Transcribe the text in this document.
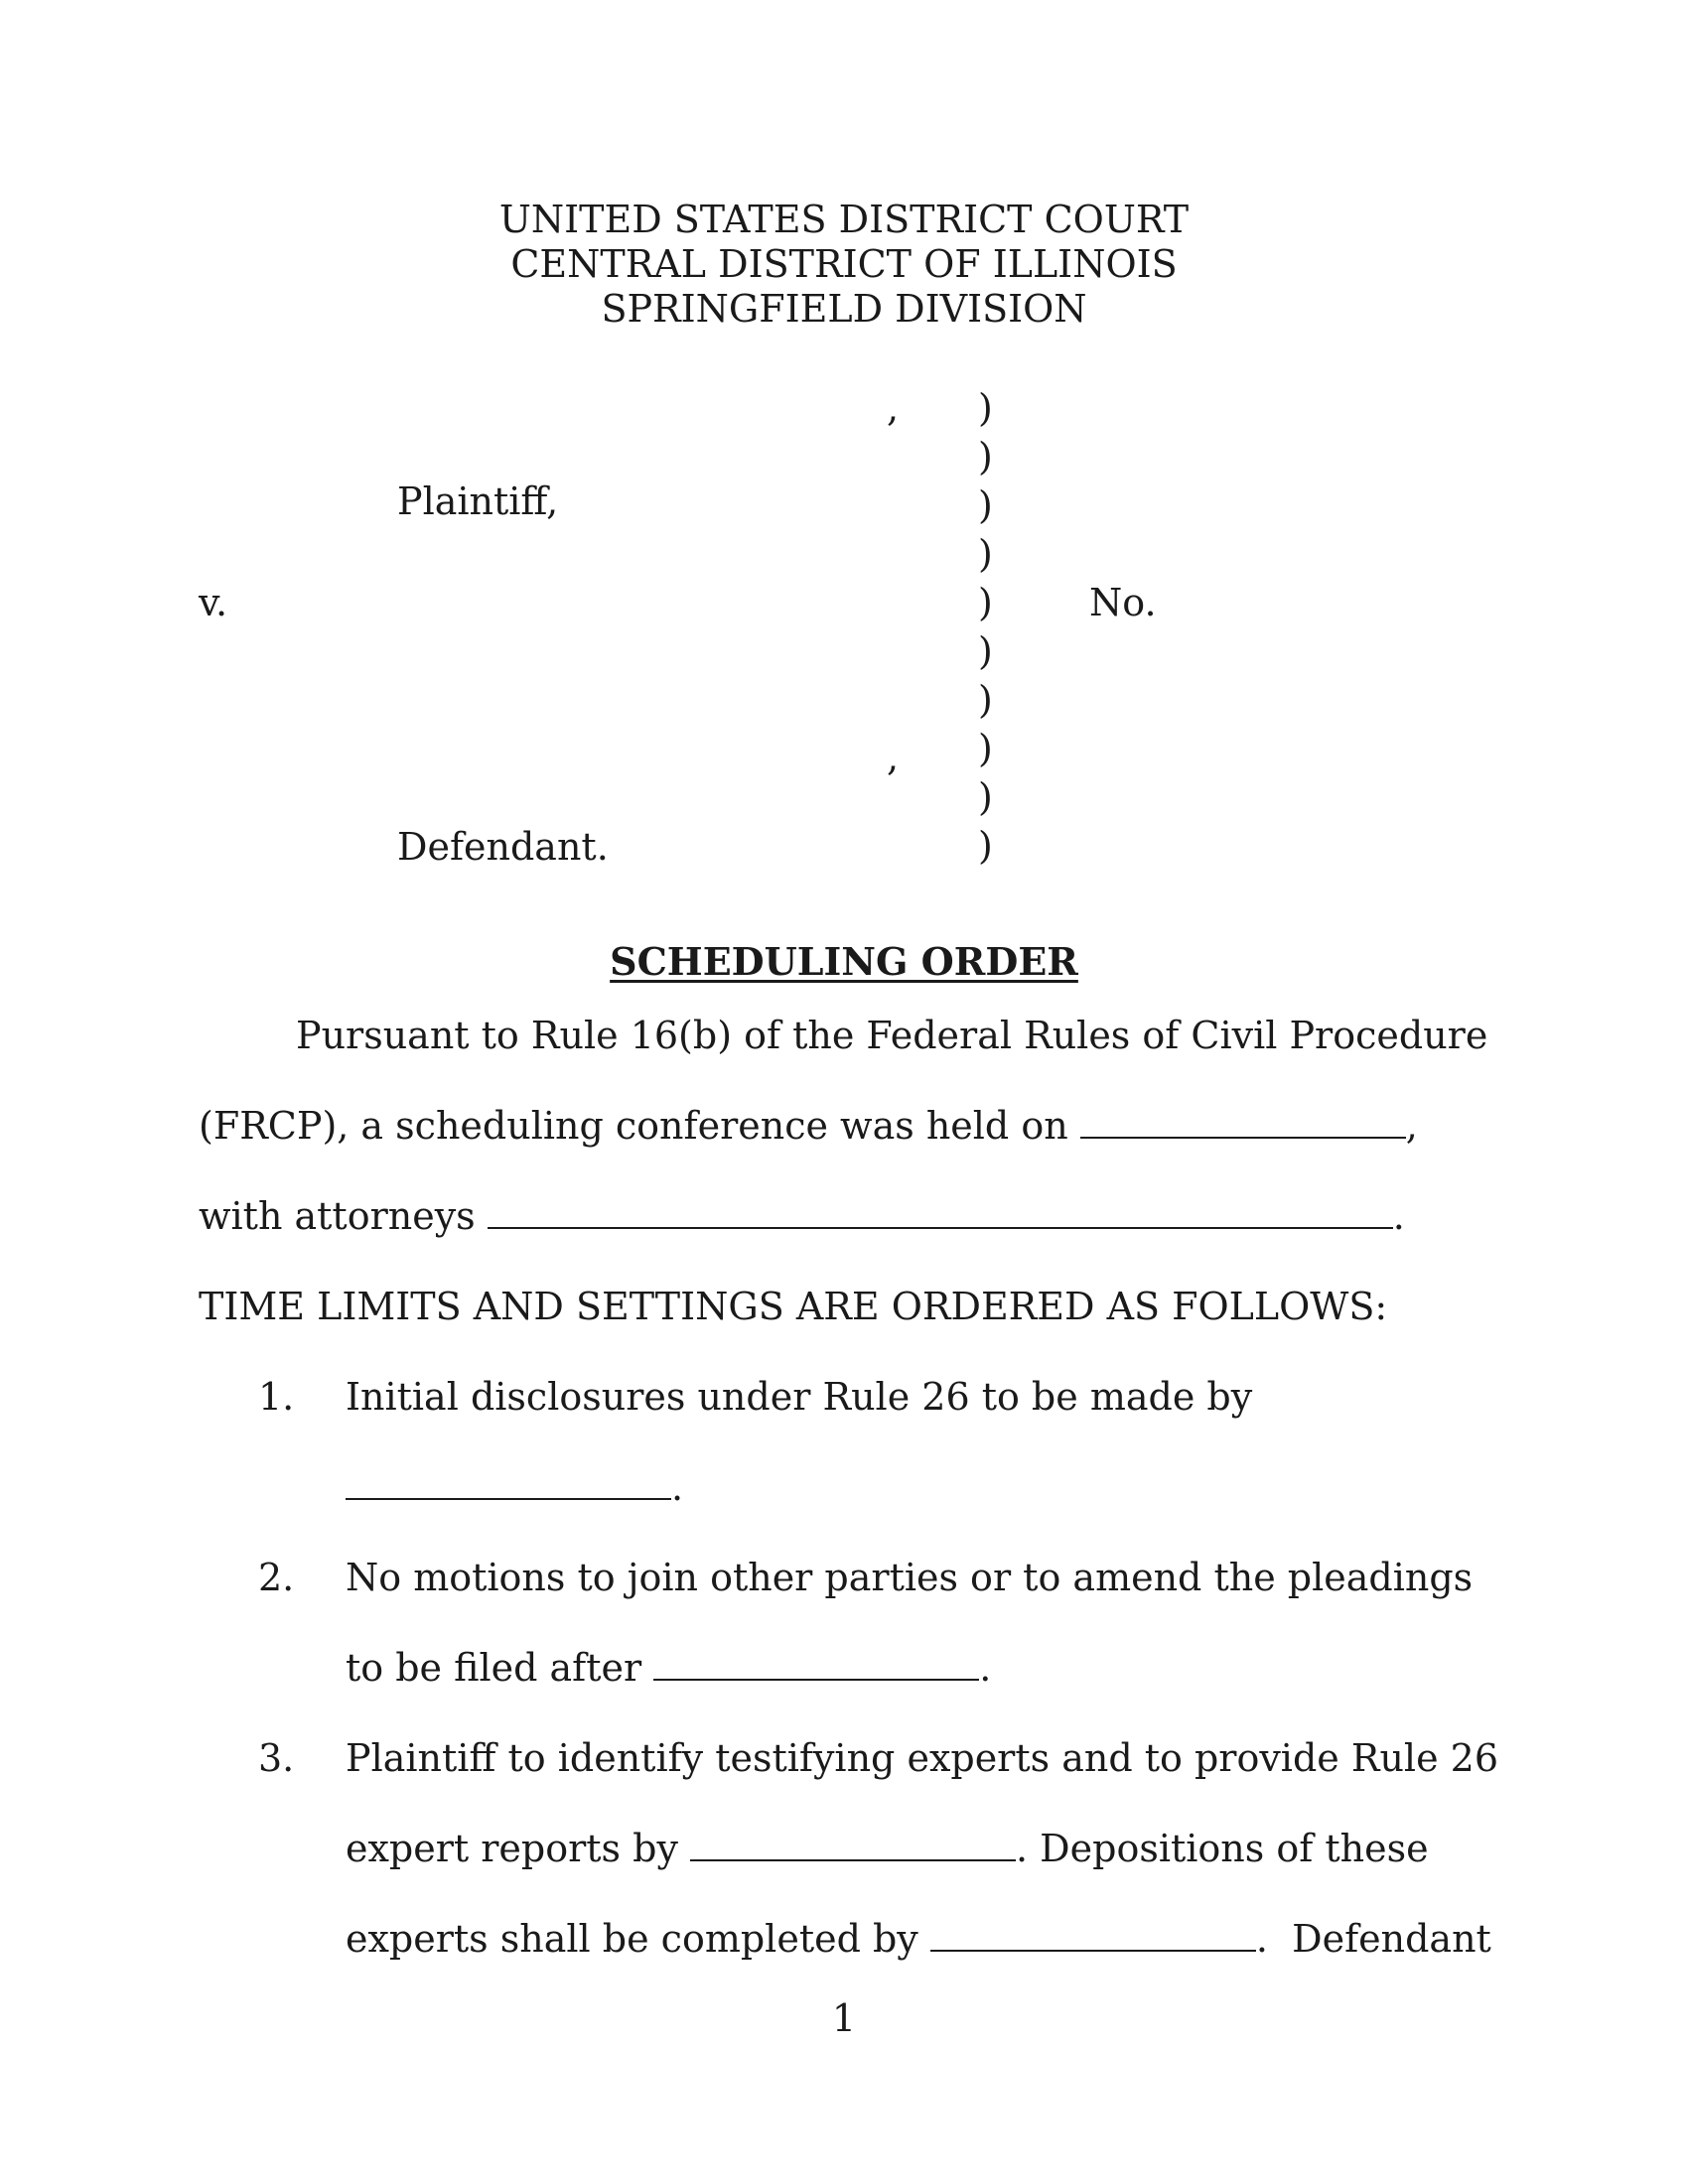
UNITED STATES DISTRICT COURT

CENTRAL DISTRICT OF ILLINOIS

SPRINGFIELD DIVISION

,

,

)

)

)

)

)

)

)

)

)

)

Plaintiff,

v.	No.

Defendant.

SCHEDULING ORDER

Pursuant to Rule 16(b) of the Federal Rules of Civil Procedure

(FRCP), a scheduling conference was held on	,

with attorneys	.

TIME LIMITS AND SETTINGS ARE ORDERED AS FOLLOWS:

1. Initial disclosures under Rule 26 to be made by

.

2. No motions to join other parties or to amend the pleadings

to be filed after	.

3. Plaintiff to identify testifying experts and to provide Rule 26

expert reports by	. Depositions of these

experts shall be completed by	.  Defendant

1
